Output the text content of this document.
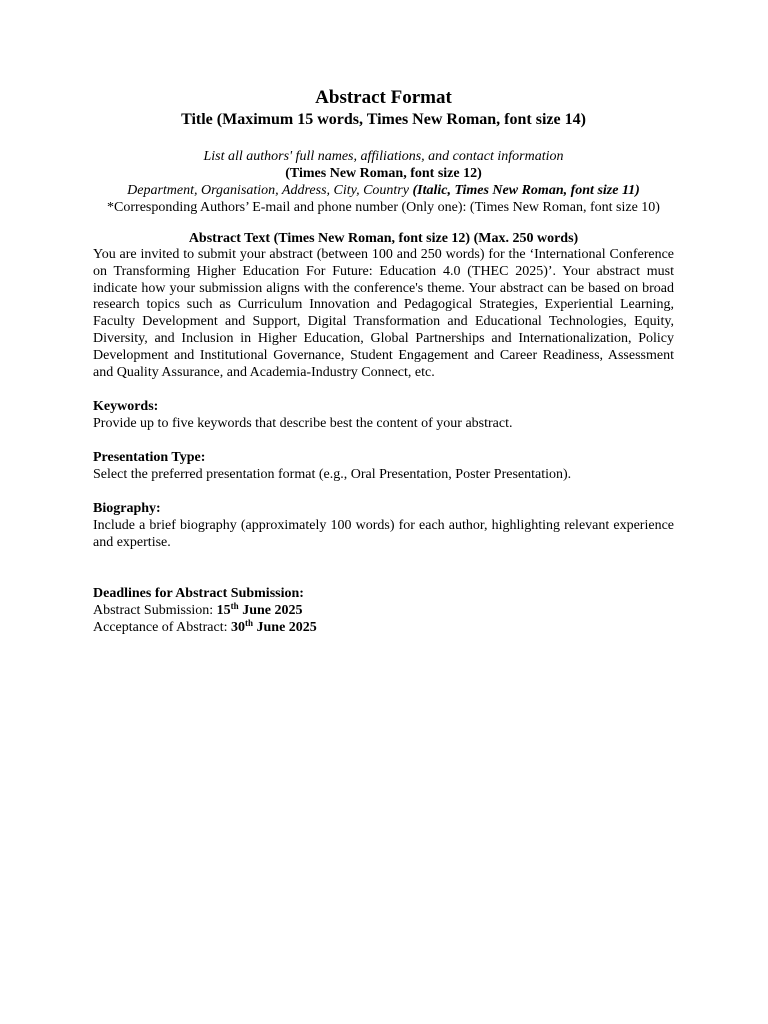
Abstract Format

Title (Maximum 15 words, Times New Roman, font size 14)

List all authors' full names, affiliations, and contact information

(Times New Roman, font size 12)

Department, Organisation, Address, City, Country (Italic, Times New Roman, font size 11)

*Corresponding Authors’ E-mail and phone number (Only one): (Times New Roman, font size 10)

Abstract Text (Times New Roman, font size 12) (Max. 250 words)

You are invited to submit your abstract (between 100 and 250 words) for the ‘International Conference on Transforming Higher Education For Future: Education 4.0 (THEC 2025)’. Your abstract must indicate how your submission aligns with the conference's theme. Your abstract can be based on broad research topics such as Curriculum Innovation and Pedagogical Strategies, Experiential Learning, Faculty Development and Support, Digital Transformation and Educational Technologies, Equity, Diversity, and Inclusion in Higher Education, Global Partnerships and Internationalization, Policy Development and Institutional Governance, Student Engagement and Career Readiness, Assessment and Quality Assurance, and Academia-Industry Connect, etc.

Keywords:

Provide up to five keywords that describe best the content of your abstract.

Presentation Type:

Select the preferred presentation format (e.g., Oral Presentation, Poster Presentation).

Biography:

Include a brief biography (approximately 100 words) for each author, highlighting relevant experience and expertise.

Deadlines for Abstract Submission:

Abstract Submission: 15th June 2025

Acceptance of Abstract: 30th June 2025
